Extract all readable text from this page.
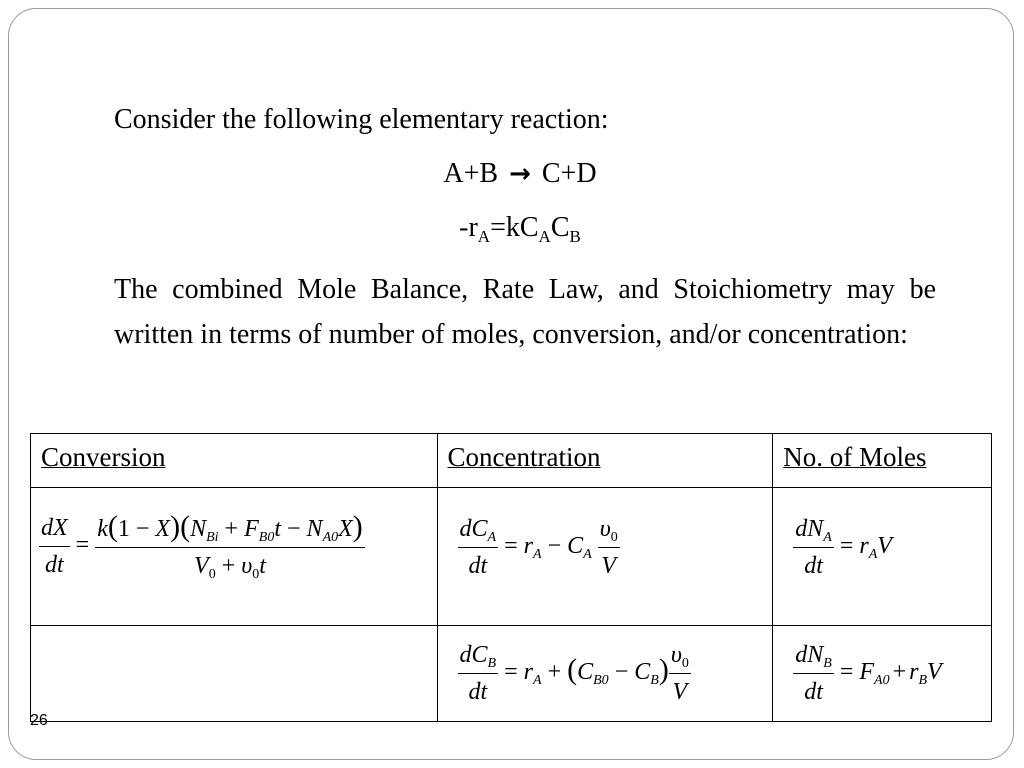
Consider the following elementary reaction:
A+B → C+D
$-r_A=kC_AC_B$
The combined Mole Balance, Rate Law, and Stoichiometry may be written in terms of number of moles, conversion, and/or concentration:
Conversion	Concentration	No. of Moles

$\frac{dX}{dt} = \frac{k(1 - X)(N_{Bi} + F_{B0}t - N_{A0}X)}{V_0 + \upsilon_0t}$	$\frac{dC_A}{dt} = r_A - C_A \frac{\upsilon_0}{V}$	$\frac{dN_A}{dt} = r_AV$

	$\frac{dC_B}{dt} = r_A + (C_{B0} - C_B) \frac{\upsilon_0}{V}$	$\frac{dN_B}{dt} = F_{A0} + r_BV$
26
